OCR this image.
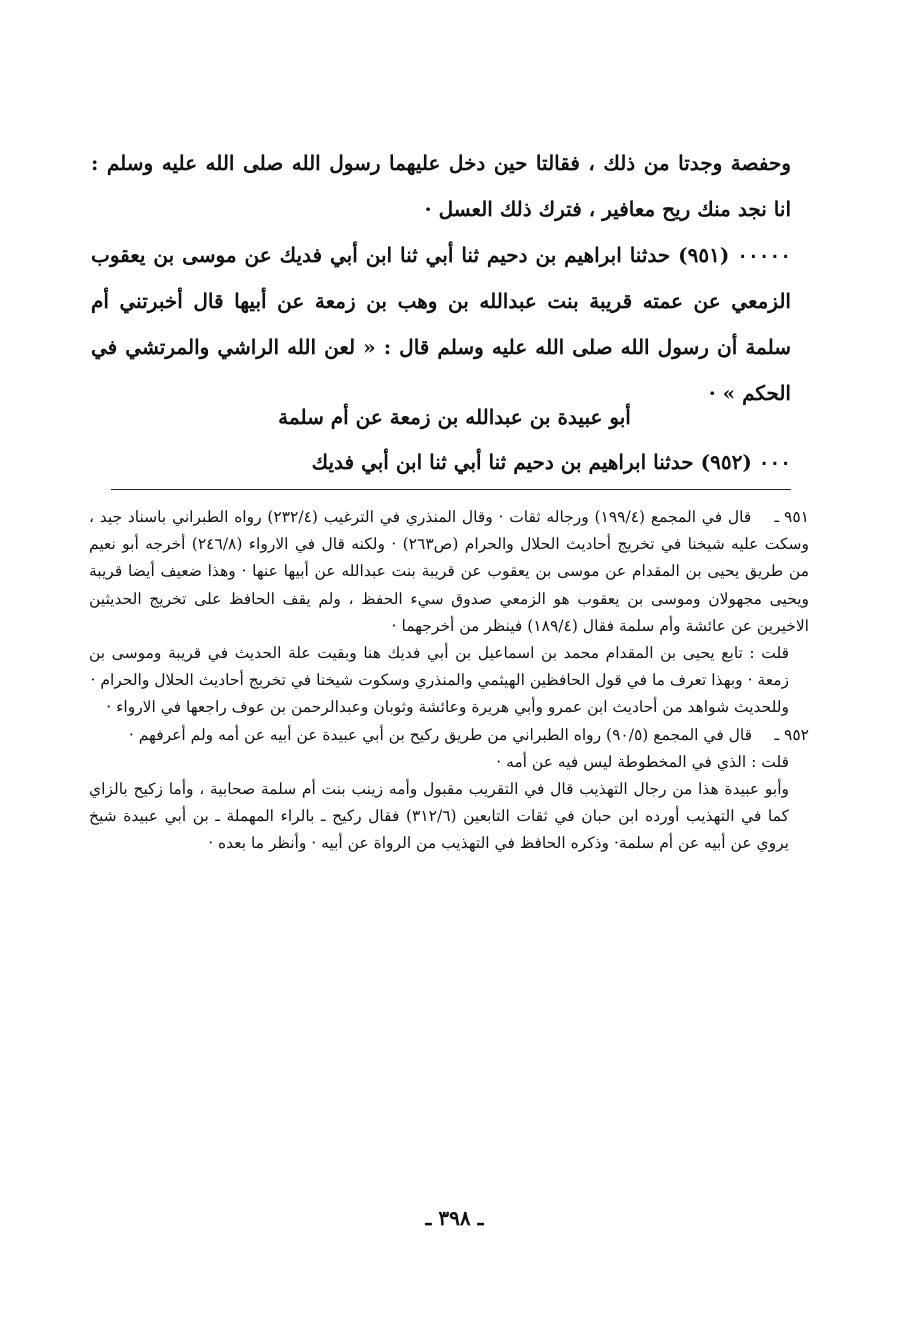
وحفصة وجدتا من ذلك ، فقالتا حين دخل عليهما رسول الله صلى الله عليه وسلم : انا نجد منك ريح معافير ، فترك ذلك العسل ·

٠٠٠٠٠ (٩٥١) حدثنا ابراهيم بن دحيم ثنا أبي ثنا ابن أبي فديك عن موسى بن يعقوب الزمعي عن عمته قريبة بنت عبدالله بن وهب بن زمعة عن أبيها قال أخبرتني أم سلمة أن رسول الله صلى الله عليه وسلم قال : « لعن الله الراشي والمرتشي في الحكم » ·

أبو عبيدة بن عبدالله بن زمعة عن أم سلمة
٠٠٠ (٩٥٢) حدثنا ابراهيم بن دحيم ثنا أبي ثنا ابن أبي فديك

٩٥١ ـ قال في المجمع (١٩٩/٤) ورجاله ثقات · وقال المنذري في الترغيب (٢٣٢/٤) رواه الطبراني باسناد جيد ، وسكت عليه شيخنا في تخريج أحاديث الحلال والحرام (ص٢٦٣) · ولكنه قال في الارواء (٢٤٦/٨) أخرجه أبو نعيم من طريق يحيى بن المقدام عن موسى بن يعقوب عن قريبة بنت عبدالله عن أبيها عنها · وهذا ضعيف أيضا قريبة ويحيى مجهولان وموسى بن يعقوب هو الزمعي صدوق سيء الحفظ ، ولم يقف الحافظ على تخريج الحديثين الاخيرين عن عائشة وأم سلمة فقال (١٨٩/٤) فينظر من أخرجهما ·

قلت : تابع يحيى بن المقدام محمد بن اسماعيل بن أبي فديك هنا وبقيت علة الحديث في قريبة وموسى بن زمعة · وبهذا تعرف ما في قول الحافظين الهيثمي والمنذري وسكوت شيخنا في تخريج أحاديث الحلال والحرام ·

وللحديث شواهد من أحاديث ابن عمرو وأبي هريرة وعائشة وثوبان وعبدالرحمن بن عوف راجعها في الارواء ·

٩٥٢ ـ قال في المجمع (٩٠/٥) رواه الطبراني من طريق ركيح بن أبي عبيدة عن أبيه عن أمه ولم أعرفهم ·

قلت : الذي في المخطوطة ليس فيه عن أمه ·

وأبو عبيدة هذا من رجال التهذيب قال في التقريب مقبول وأمه زينب بنت أم سلمة صحابية ، وأما زكيح بالزاي كما في التهذيب أورده ابن حبان في ثقات التابعين (٣١٢/٦) فقال ركيح ـ بالراء المهملة ـ بن أبي عبيدة شيخ يروي عن أبيه عن أم سلمة· وذكره الحافظ في التهذيب من الرواة عن أبيه · وأنظر ما بعده ·

ـ ٣٩٨ ـ
